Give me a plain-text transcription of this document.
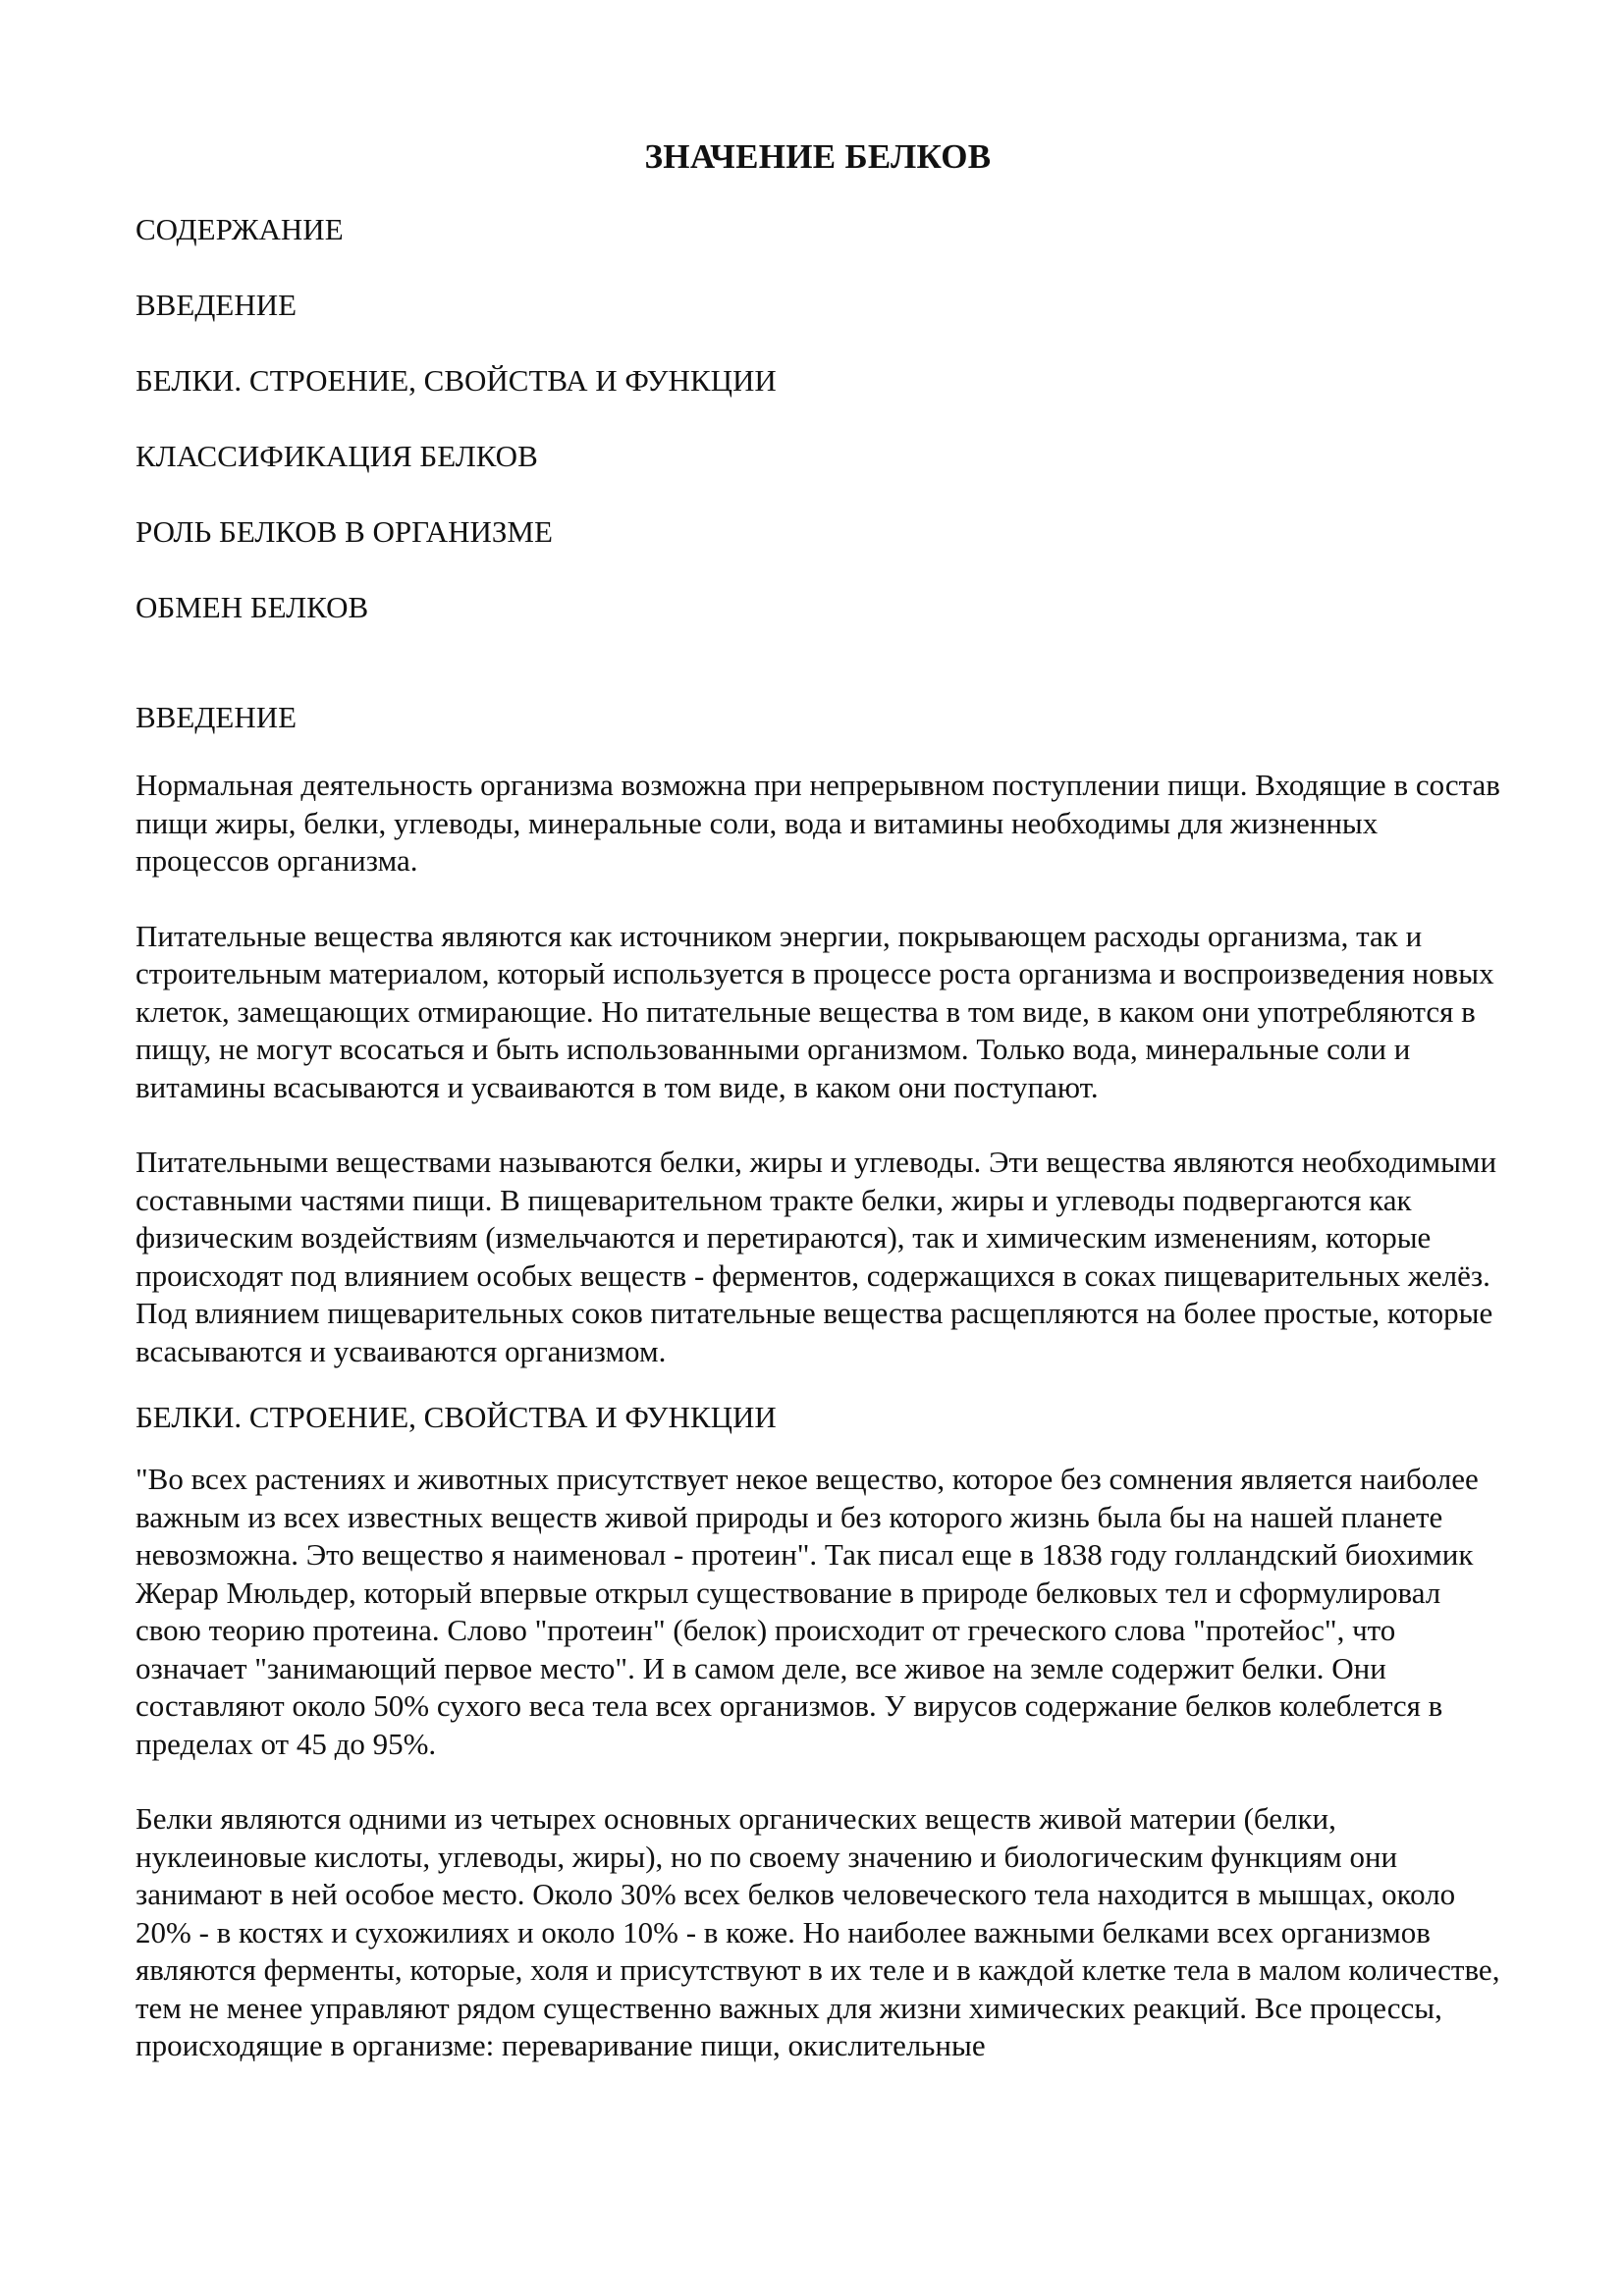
ЗНАЧЕНИЕ БЕЛКОВ
СОДЕРЖАНИЕ
ВВЕДЕНИЕ
БЕЛКИ. СТРОЕНИЕ, СВОЙСТВА И ФУНКЦИИ
КЛАССИФИКАЦИЯ БЕЛКОВ
РОЛЬ БЕЛКОВ В ОРГАНИЗМЕ
ОБМЕН БЕЛКОВ
ВВЕДЕНИЕ

Нормальная деятельность организма возможна при непрерывном поступлении пищи. Входящие в состав пищи жиры, белки, углеводы, минеральные соли, вода и витамины необходимы для жизненных процессов организма.

Питательные вещества являются как источником энергии, покрывающем расходы организма, так и строительным материалом, который используется в процессе роста организма и воспроизведения новых клеток, замещающих отмирающие. Но питательные вещества в том виде, в каком они употребляются в пищу, не могут всосаться и быть использованными организмом. Только вода, минеральные соли и витамины всасываются и усваиваются в том виде, в каком они поступают.

Питательными веществами называются белки, жиры и углеводы. Эти вещества являются необходимыми составными частями пищи. В пищеварительном тракте белки, жиры и углеводы подвергаются как физическим воздействиям (измельчаются и перетираются), так и химическим изменениям, которые происходят под влиянием особых веществ - ферментов, содержащихся в соках пищеварительных желёз. Под влиянием пищеварительных соков питательные вещества расщепляются на более простые, которые всасываются и усваиваются организмом.

БЕЛКИ. СТРОЕНИЕ, СВОЙСТВА И ФУНКЦИИ

"Во всех растениях и животных присутствует некое вещество, которое без сомнения является наиболее важным из всех известных веществ живой природы и без которого жизнь была бы на нашей планете невозможна. Это вещество я наименовал - протеин". Так писал еще в 1838 году голландский биохимик Жерар Мюльдер, который впервые открыл существование в природе белковых тел и сформулировал свою теорию протеина. Слово "протеин" (белок) происходит от греческого слова "протейос", что означает "занимающий первое место". И в самом деле, все живое на земле содержит белки. Они составляют около 50% сухого веса тела всех организмов. У вирусов содержание белков колеблется в пределах от 45 до 95%.

Белки являются одними из четырех основных органических веществ живой материи (белки, нуклеиновые кислоты, углеводы, жиры), но по своему значению и биологическим функциям они занимают в ней особое место. Около 30% всех белков человеческого тела находится в мышцах, около 20% - в костях и сухожилиях и около 10% - в коже. Но наиболее важными белками всех организмов являются ферменты, которые, холя и присутствуют в их теле и в каждой клетке тела в малом количестве, тем не менее управляют рядом существенно важных для жизни химических реакций. Все процессы, происходящие в организме: переваривание пищи, окислительные
